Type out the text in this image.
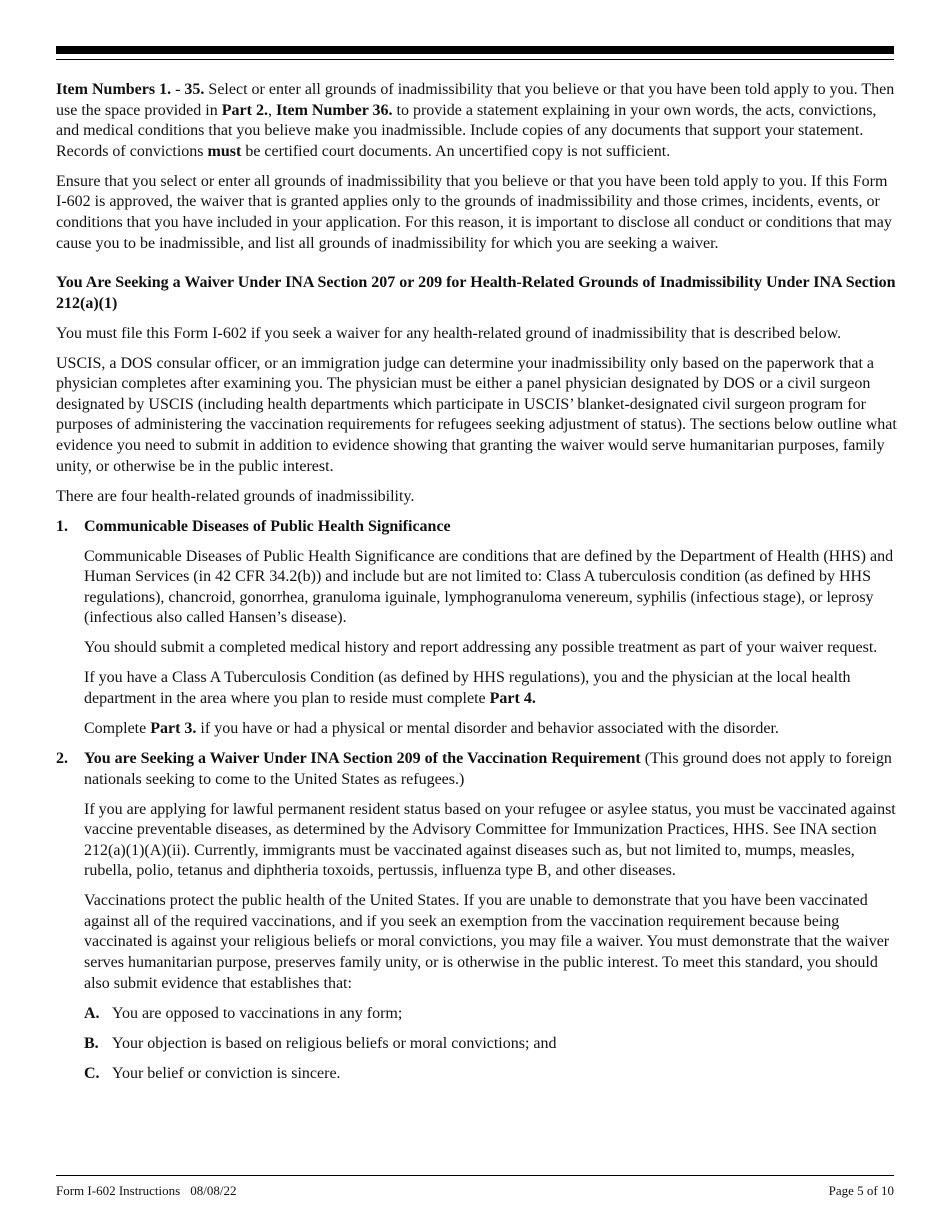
Item Numbers 1. - 35. Select or enter all grounds of inadmissibility that you believe or that you have been told apply to you. Then use the space provided in Part 2., Item Number 36. to provide a statement explaining in your own words, the acts, convictions, and medical conditions that you believe make you inadmissible. Include copies of any documents that support your statement. Records of convictions must be certified court documents. An uncertified copy is not sufficient.

Ensure that you select or enter all grounds of inadmissibility that you believe or that you have been told apply to you. If this Form I-602 is approved, the waiver that is granted applies only to the grounds of inadmissibility and those crimes, incidents, events, or conditions that you have included in your application. For this reason, it is important to disclose all conduct or conditions that may cause you to be inadmissible, and list all grounds of inadmissibility for which you are seeking a waiver.

You Are Seeking a Waiver Under INA Section 207 or 209 for Health-Related Grounds of Inadmissibility Under INA Section 212(a)(1)

You must file this Form I-602 if you seek a waiver for any health-related ground of inadmissibility that is described below.

USCIS, a DOS consular officer, or an immigration judge can determine your inadmissibility only based on the paperwork that a physician completes after examining you. The physician must be either a panel physician designated by DOS or a civil surgeon designated by USCIS (including health departments which participate in USCIS’ blanket-designated civil surgeon program for purposes of administering the vaccination requirements for refugees seeking adjustment of status). The sections below outline what evidence you need to submit in addition to evidence showing that granting the waiver would serve humanitarian purposes, family unity, or otherwise be in the public interest.

There are four health-related grounds of inadmissibility.

1.	Communicable Diseases of Public Health Significance

Communicable Diseases of Public Health Significance are conditions that are defined by the Department of Health (HHS) and Human Services (in 42 CFR 34.2(b)) and include but are not limited to: Class A tuberculosis condition (as defined by HHS regulations), chancroid, gonorrhea, granuloma iguinale, lymphogranuloma venereum, syphilis (infectious stage), or leprosy (infectious also called Hansen’s disease).

You should submit a completed medical history and report addressing any possible treatment as part of your waiver request.

If you have a Class A Tuberculosis Condition (as defined by HHS regulations), you and the physician at the local health department in the area where you plan to reside must complete Part 4.

Complete Part 3. if you have or had a physical or mental disorder and behavior associated with the disorder.

2.	You are Seeking a Waiver Under INA Section 209 of the Vaccination Requirement (This ground does not apply to foreign nationals seeking to come to the United States as refugees.)

If you are applying for lawful permanent resident status based on your refugee or asylee status, you must be vaccinated against vaccine preventable diseases, as determined by the Advisory Committee for Immunization Practices, HHS. See INA section 212(a)(1)(A)(ii). Currently, immigrants must be vaccinated against diseases such as, but not limited to, mumps, measles, rubella, polio, tetanus and diphtheria toxoids, pertussis, influenza type B, and other diseases.

Vaccinations protect the public health of the United States. If you are unable to demonstrate that you have been vaccinated against all of the required vaccinations, and if you seek an exemption from the vaccination requirement because being vaccinated is against your religious beliefs or moral convictions, you may file a waiver. You must demonstrate that the waiver serves humanitarian purpose, preserves family unity, or is otherwise in the public interest. To meet this standard, you should also submit evidence that establishes that:

A. You are opposed to vaccinations in any form;
B. Your objection is based on religious beliefs or moral convictions; and
C. Your belief or conviction is sincere.
Form I-602 Instructions 08/08/22	Page 5 of 10
